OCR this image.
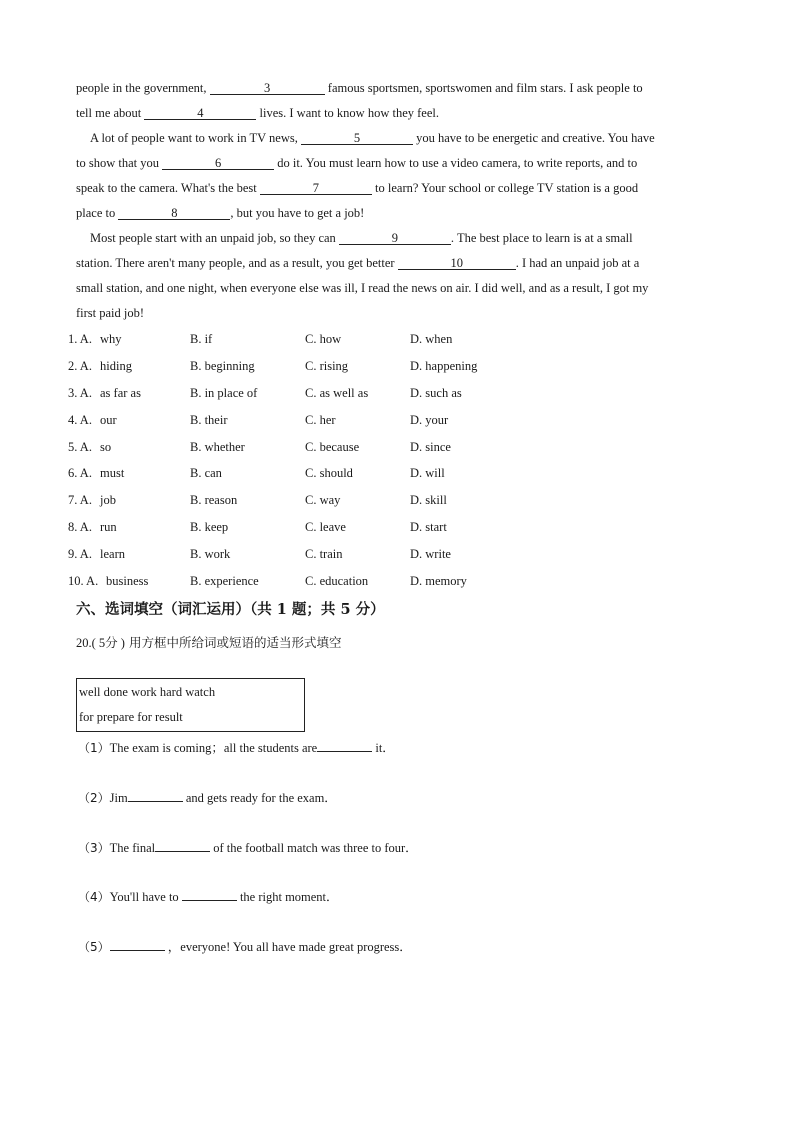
people in the government,	3	famous sportsmen, sportswomen and film stars. I ask people to
tell me about	4	lives. I want to know how they feel.
A lot of people want to work in TV news,	5	you have to be energetic and creative. You have
to show that you	6	do it. You must learn how to use a video camera, to write reports, and to
speak to the camera. What's the best	7	to learn? Your school or college TV station is a good
place to	8	, but you have to get a job!
Most people start with an unpaid job, so they can	9	. The best place to learn is at a small
station. There aren't many people, and as a result, you get better	10	. I had an unpaid job at a
small station, and one night, when everyone else was ill, I read the news on air. I did well, and as a result, I got my
first paid job!
1. A. why	B. if	C. how	D. when
2. A. hiding	B. beginning	C. rising	D. happening
3. A. as far as	B. in place of	C. as well as	D. such as
4. A. our	B. their	C. her	D. your
5. A. so	B. whether	C. because	D. since
6. A. must	B. can	C. should	D. will
7. A. job	B. reason	C. way	D. skill
8. A. run	B. keep	C. leave	D. start
9. A. learn	B. work	C. train	D. write
10. A. business	B. experience	C. education	D. memory
六、选词填空（词汇运用）（共 1 题；共 5 分）
20.( 5分 ) 用方框中所给词或短语的适当形式填空
well done work hard watch
for prepare for result
（1）The exam is coming；all the students are	it．
（2）Jim	and gets ready for the exam．
（3）The final	of the football match was three to four．
（4）You'll have to	the right moment．
（5）	，everyone! You all have made great progress．
